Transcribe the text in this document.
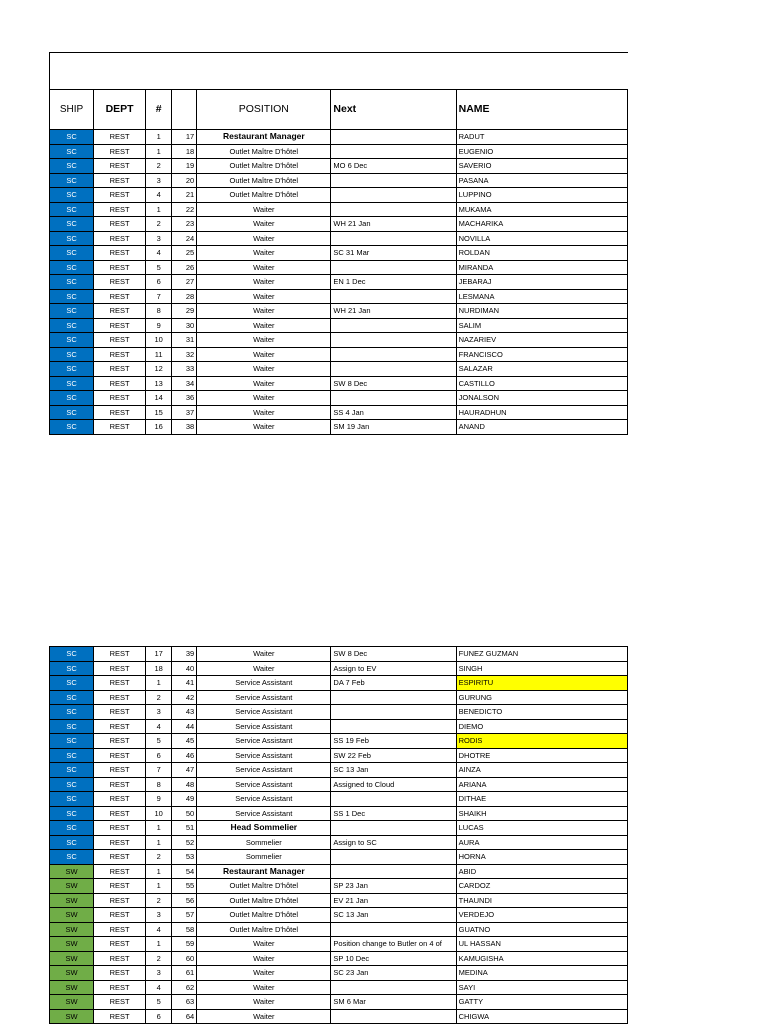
SHIP	DEPT	#		POSITION	Next	NAME
SC	REST	1	17	Restaurant Manager		RADUT
SC	REST	1	18	Outlet Maître D'hôtel		EUGENIO
SC	REST	2	19	Outlet Maître D'hôtel	MO 6 Dec	SAVERIO
SC	REST	3	20	Outlet Maître D'hôtel		PASANA
SC	REST	4	21	Outlet Maître D'hôtel		LUPPINO
SC	REST	1	22	Waiter		MUKAMA
SC	REST	2	23	Waiter	WH 21 Jan	MACHARIKA
SC	REST	3	24	Waiter		NOVILLA
SC	REST	4	25	Waiter	SC 31 Mar	ROLDAN
SC	REST	5	26	Waiter		MIRANDA
SC	REST	6	27	Waiter	EN 1 Dec	JEBARAJ
SC	REST	7	28	Waiter		LESMANA
SC	REST	8	29	Waiter	WH 21 Jan	NURDIMAN
SC	REST	9	30	Waiter		SALIM
SC	REST	10	31	Waiter		NAZARIEV
SC	REST	11	32	Waiter		FRANCISCO
SC	REST	12	33	Waiter		SALAZAR
SC	REST	13	34	Waiter	SW 8 Dec	CASTILLO
SC	REST	14	36	Waiter		JONALSON
SC	REST	15	37	Waiter	SS 4 Jan	HAURADHUN
SC	REST	16	38	Waiter	SM 19 Jan	ANAND
SC	REST	17	39	Waiter	SW 8 Dec	FUNEZ GUZMAN
SC	REST	18	40	Waiter	Assign to EV	SINGH
SC	REST	1	41	Service Assistant	DA 7 Feb	ESPIRITU
SC	REST	2	42	Service Assistant		GURUNG
SC	REST	3	43	Service Assistant		BENEDICTO
SC	REST	4	44	Service Assistant		DIEMO
SC	REST	5	45	Service Assistant	SS 19 Feb	RODIS
SC	REST	6	46	Service Assistant	SW 22 Feb	DHOTRE
SC	REST	7	47	Service Assistant	SC 13 Jan	AINZA
SC	REST	8	48	Service Assistant	Assigned to Cloud	ARIANA
SC	REST	9	49	Service Assistant		DITHAE
SC	REST	10	50	Service Assistant	SS 1 Dec	SHAIKH
SC	REST	1	51	Head Sommelier		LUCAS
SC	REST	1	52	Sommelier	Assign to SC	AURA
SC	REST	2	53	Sommelier		HORNA
SW	REST	1	54	Restaurant Manager		ABID
SW	REST	1	55	Outlet Maître D'hôtel	SP 23 Jan	CARDOZ
SW	REST	2	56	Outlet Maître D'hôtel	EV 21 Jan	THAUNDI
SW	REST	3	57	Outlet Maître D'hôtel	SC 13 Jan	VERDEJO
SW	REST	4	58	Outlet Maître D'hôtel		GUATNO
SW	REST	1	59	Waiter	Position change to Butler on 4 of	UL HASSAN
SW	REST	2	60	Waiter	SP 10 Dec	KAMUGISHA
SW	REST	3	61	Waiter	SC 23 Jan	MEDINA
SW	REST	4	62	Waiter		SAYI
SW	REST	5	63	Waiter	SM 6 Mar	GATTY
SW	REST	6	64	Waiter		CHIGWA
